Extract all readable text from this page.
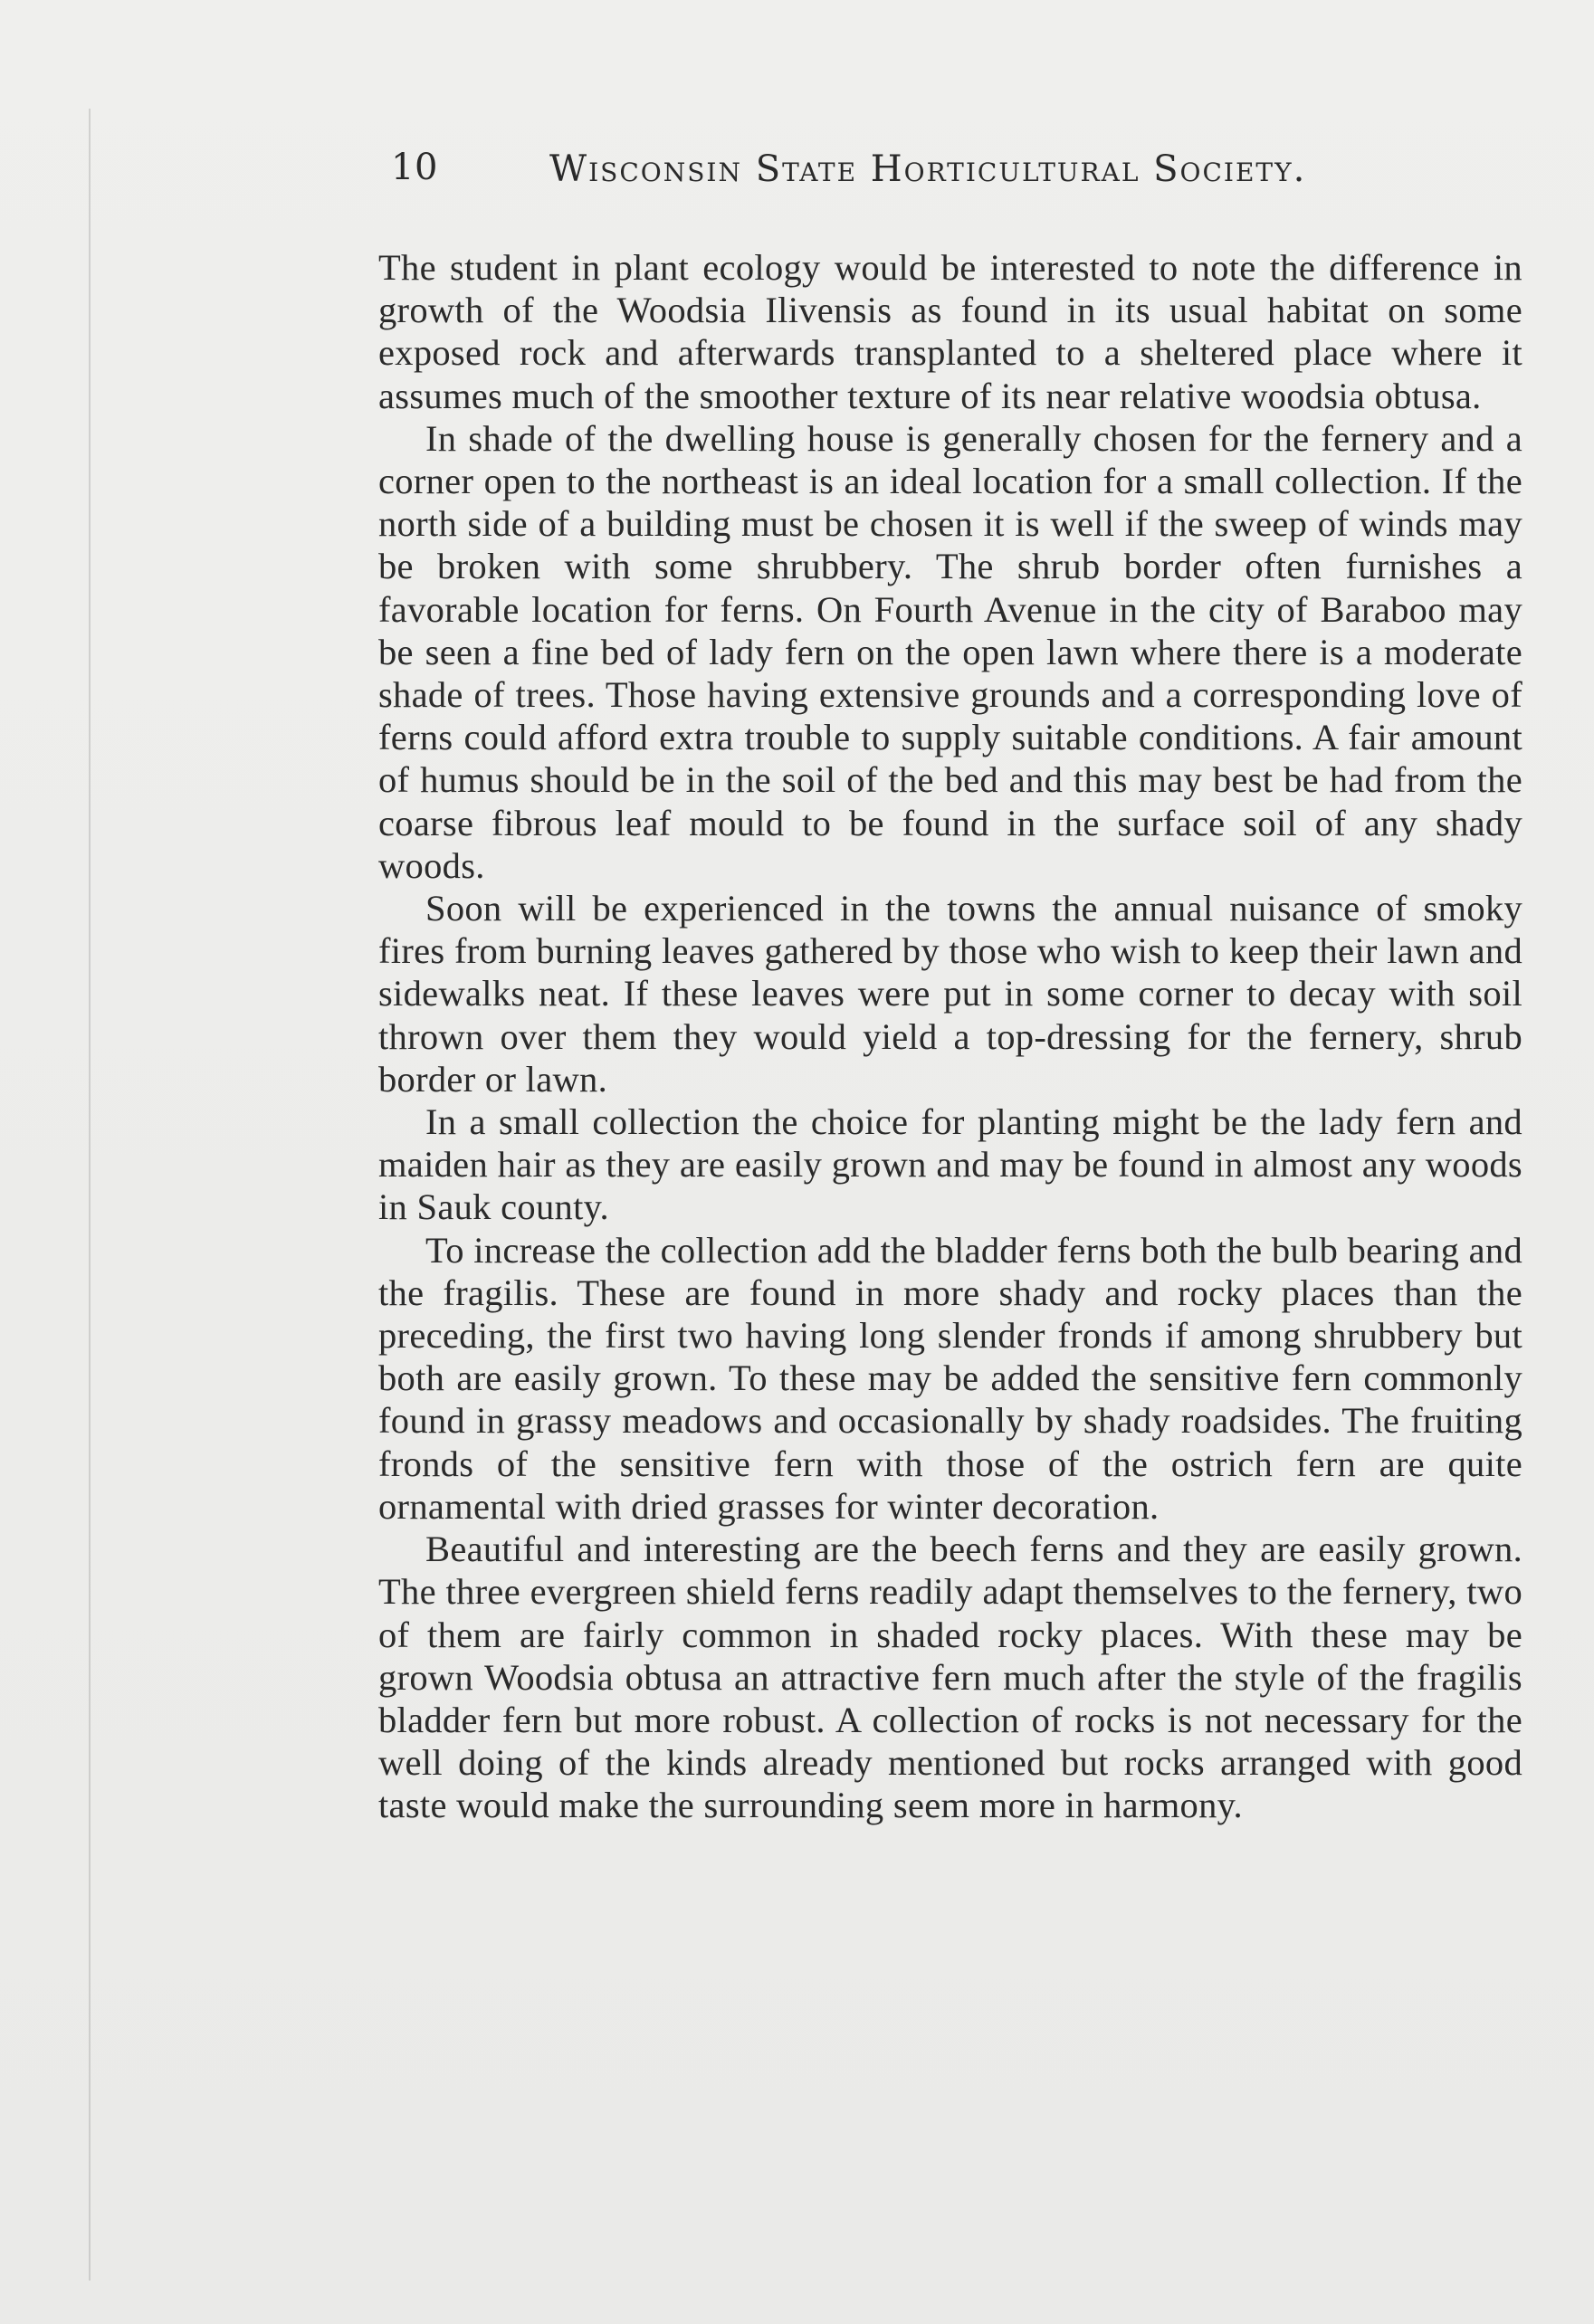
10	Wisconsin State Horticultural Society.

The student in plant ecology would be interested to note the difference in growth of the Woodsia Ilivensis as found in its usual habitat on some exposed rock and afterwards transplanted to a sheltered place where it assumes much of the smoother texture of its near relative woodsia obtusa.

In shade of the dwelling house is generally chosen for the fernery and a corner open to the northeast is an ideal location for a small collection. If the north side of a building must be chosen it is well if the sweep of winds may be broken with some shrubbery. The shrub border often furnishes a favorable location for ferns. On Fourth Avenue in the city of Baraboo may be seen a fine bed of lady fern on the open lawn where there is a moderate shade of trees. Those having extensive grounds and a corresponding love of ferns could afford extra trouble to supply suitable conditions. A fair amount of humus should be in the soil of the bed and this may best be had from the coarse fibrous leaf mould to be found in the surface soil of any shady woods.

Soon will be experienced in the towns the annual nuisance of smoky fires from burning leaves gathered by those who wish to keep their lawn and sidewalks neat. If these leaves were put in some corner to decay with soil thrown over them they would yield a top-dressing for the fernery, shrub border or lawn.

In a small collection the choice for planting might be the lady fern and maiden hair as they are easily grown and may be found in almost any woods in Sauk county.

To increase the collection add the bladder ferns both the bulb bearing and the fragilis. These are found in more shady and rocky places than the preceding, the first two having long slender fronds if among shrubbery but both are easily grown. To these may be added the sensitive fern commonly found in grassy meadows and occasionally by shady roadsides. The fruiting fronds of the sensitive fern with those of the ostrich fern are quite ornamental with dried grasses for winter decoration.

Beautiful and interesting are the beech ferns and they are easily grown. The three evergreen shield ferns readily adapt themselves to the fernery, two of them are fairly common in shaded rocky places. With these may be grown Woodsia obtusa an attractive fern much after the style of the fragilis bladder fern but more robust. A collection of rocks is not necessary for the well doing of the kinds already mentioned but rocks arranged with good taste would make the surrounding seem more in harmony.
